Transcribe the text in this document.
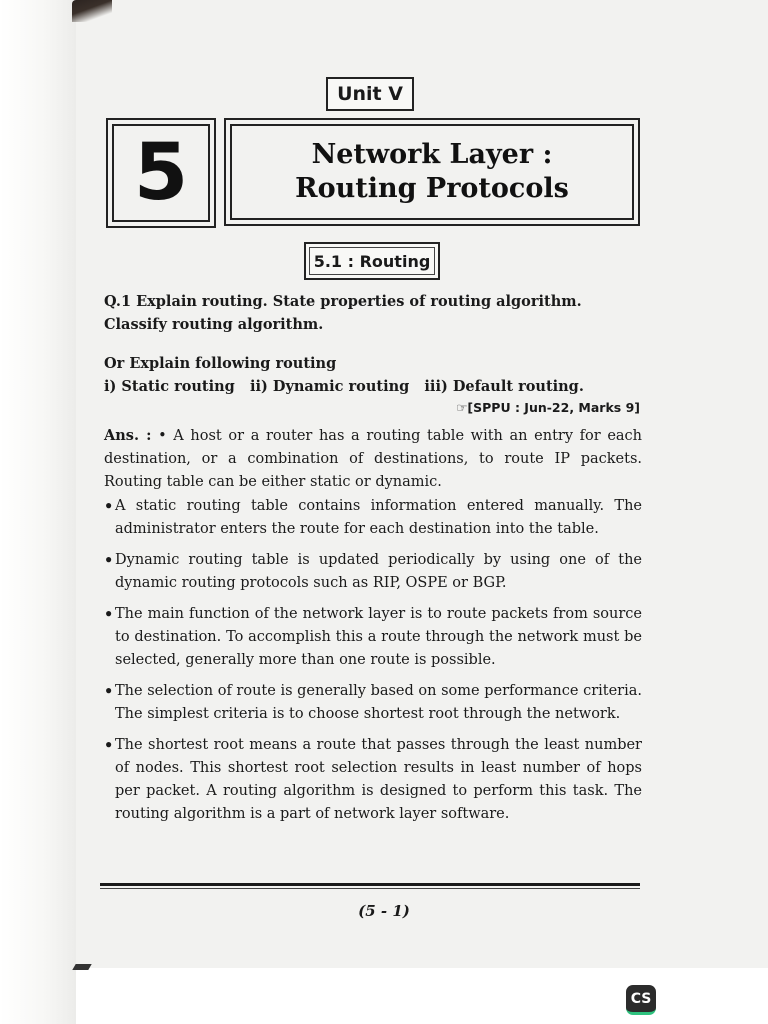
Unit V
5	Network Layer :
Routing Protocols
5.1 : Routing
Q.1 Explain routing. State properties of routing algorithm. Classify routing algorithm.
Or Explain following routing
i) Static routing   ii) Dynamic routing   iii) Default routing.
☞[SPPU : Jun-22, Marks 9]
Ans. : • A host or a router has a routing table with an entry for each destination, or a combination of destinations, to route IP packets. Routing table can be either static or dynamic.
• A static routing table contains information entered manually. The administrator enters the route for each destination into the table.
• Dynamic routing table is updated periodically by using one of the dynamic routing protocols such as RIP, OSPE or BGP.
• The main function of the network layer is to route packets from source to destination. To accomplish this a route through the network must be selected, generally more than one route is possible.
• The selection of route is generally based on some performance criteria. The simplest criteria is to choose shortest root through the network.
• The shortest root means a route that passes through the least number of nodes. This shortest root selection results in least number of hops per packet. A routing algorithm is designed to perform this task. The routing algorithm is a part of network layer software.
(5 - 1)
CS
